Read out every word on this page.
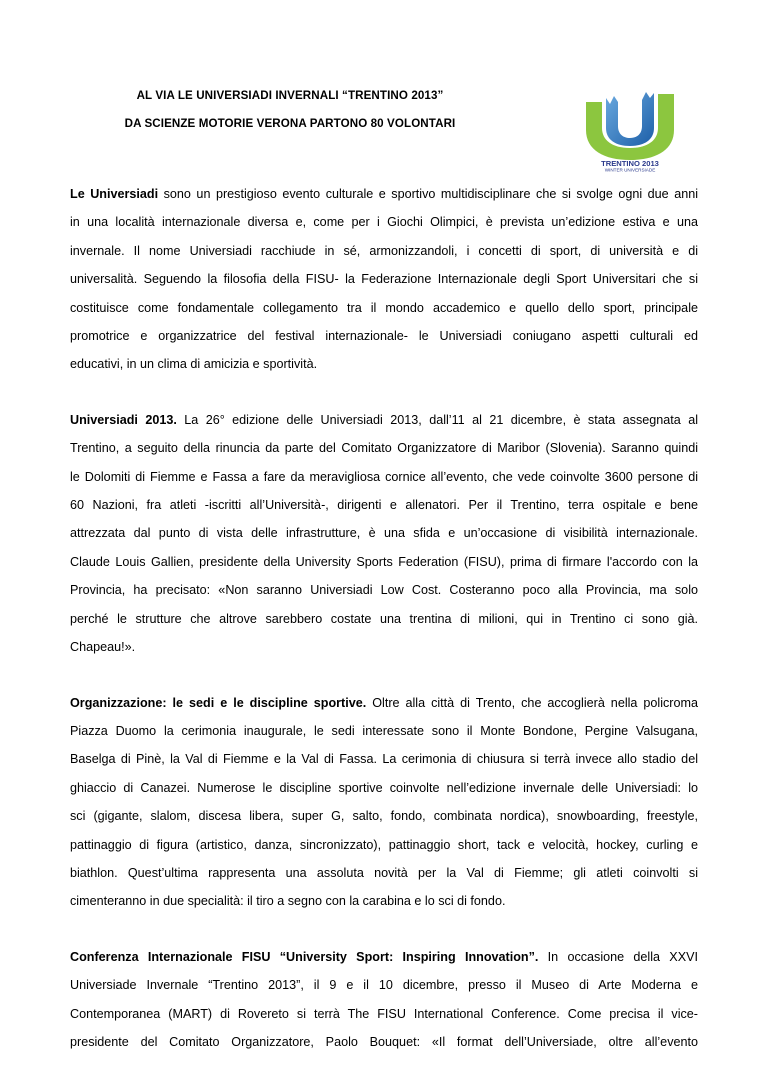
AL VIA LE UNIVERSIADI INVERNALI “TRENTINO 2013”
DA SCIENZE MOTORIE VERONA PARTONO 80 VOLONTARI
TRENTINO 2013
WINTER UNIVERSIADE
Le Universiadi sono un prestigioso evento culturale e sportivo multidisciplinare che si svolge ogni due anni
in una località internazionale diversa e, come per i Giochi Olimpici, è prevista un’edizione estiva e una
invernale. Il nome Universiadi racchiude in sé, armonizzandoli, i concetti di sport, di università e di
universalità. Seguendo la filosofia della FISU- la Federazione Internazionale degli Sport Universitari che si
costituisce come fondamentale collegamento tra il mondo accademico e quello dello sport, principale
promotrice e organizzatrice del festival internazionale- le Universiadi coniugano aspetti culturali ed
educativi, in un clima di amicizia e sportività.
Universiadi 2013. La 26° edizione delle Universiadi 2013, dall’11 al 21 dicembre, è stata assegnata al
Trentino, a seguito della rinuncia da parte del Comitato Organizzatore di Maribor (Slovenia). Saranno quindi
le Dolomiti di Fiemme e Fassa a fare da meravigliosa cornice all’evento, che vede coinvolte 3600 persone di
60 Nazioni, fra atleti -iscritti all’Università-, dirigenti e allenatori. Per il Trentino, terra ospitale e bene
attrezzata dal punto di vista delle infrastrutture, è una sfida e un’occasione di visibilità internazionale.
Claude Louis Gallien, presidente della University Sports Federation (FISU), prima di firmare l'accordo con la
Provincia, ha precisato: «Non saranno Universiadi Low Cost. Costeranno poco alla Provincia, ma solo
perché le strutture che altrove sarebbero costate una trentina di milioni, qui in Trentino ci sono già.
Chapeau!».
Organizzazione: le sedi e le discipline sportive. Oltre alla città di Trento, che accoglierà nella policroma
Piazza Duomo la cerimonia inaugurale, le sedi interessate sono il Monte Bondone, Pergine Valsugana,
Baselga di Pinè, la Val di Fiemme e la Val di Fassa. La cerimonia di chiusura si terrà invece allo stadio del
ghiaccio di Canazei. Numerose le discipline sportive coinvolte nell’edizione invernale delle Universiadi: lo
sci (gigante, slalom, discesa libera, super G, salto, fondo, combinata nordica), snowboarding, freestyle,
pattinaggio di figura (artistico, danza, sincronizzato), pattinaggio short, tack e velocità, hockey, curling e
biathlon. Quest’ultima rappresenta una assoluta novità per la Val di Fiemme; gli atleti coinvolti si
cimenteranno in due specialità: il tiro a segno con la carabina e lo sci di fondo.
Conferenza Internazionale FISU “University Sport: Inspiring Innovation”. In occasione della XXVI
Universiade Invernale “Trentino 2013”, il 9 e il 10 dicembre, presso il Museo di Arte Moderna e
Contemporanea (MART) di Rovereto si terrà The FISU International Conference. Come precisa il vice-
presidente del Comitato Organizzatore, Paolo Bouquet: «Il format dell’Universiade, oltre all’evento
